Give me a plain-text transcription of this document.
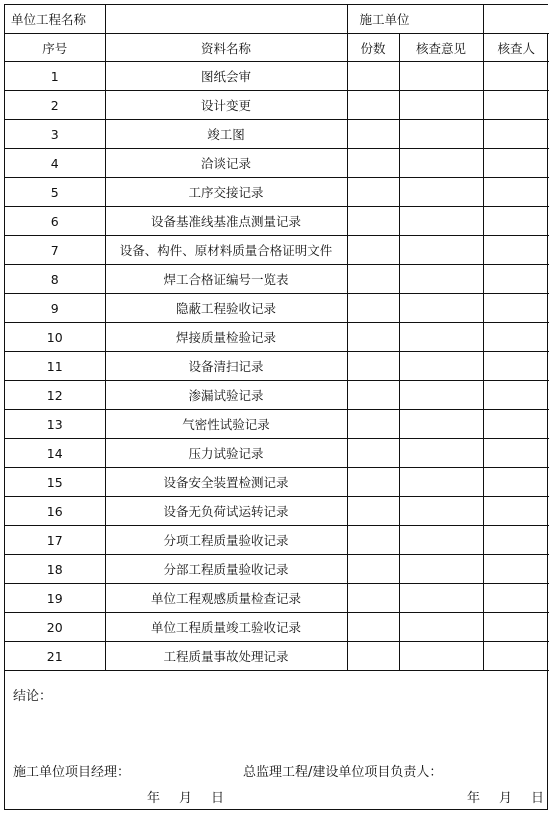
单位工程名称		施工单位		
序号	资料名称	份数	核查意见	核查人
1	图纸会审			
2	设计变更			
3	竣工图			
4	洽谈记录			
5	工序交接记录			
6	设备基准线基准点测量记录			
7	设备、构件、原材料质量合格证明文件			
8	焊工合格证编号一览表			
9	隐蔽工程验收记录			
10	焊接质量检验记录			
11	设备清扫记录			
12	渗漏试验记录			
13	气密性试验记录			
14	压力试验记录			
15	设备安全装置检测记录			
16	设备无负荷试运转记录			
17	分项工程质量验收记录			
18	分部工程质量验收记录			
19	单位工程观感质量检查记录			
20	单位工程质量竣工验收记录			
21	工程质量事故处理记录			
结论：
施工单位项目经理：	总监理工程/建设单位项目负责人：
年 月 日	年 月 日
